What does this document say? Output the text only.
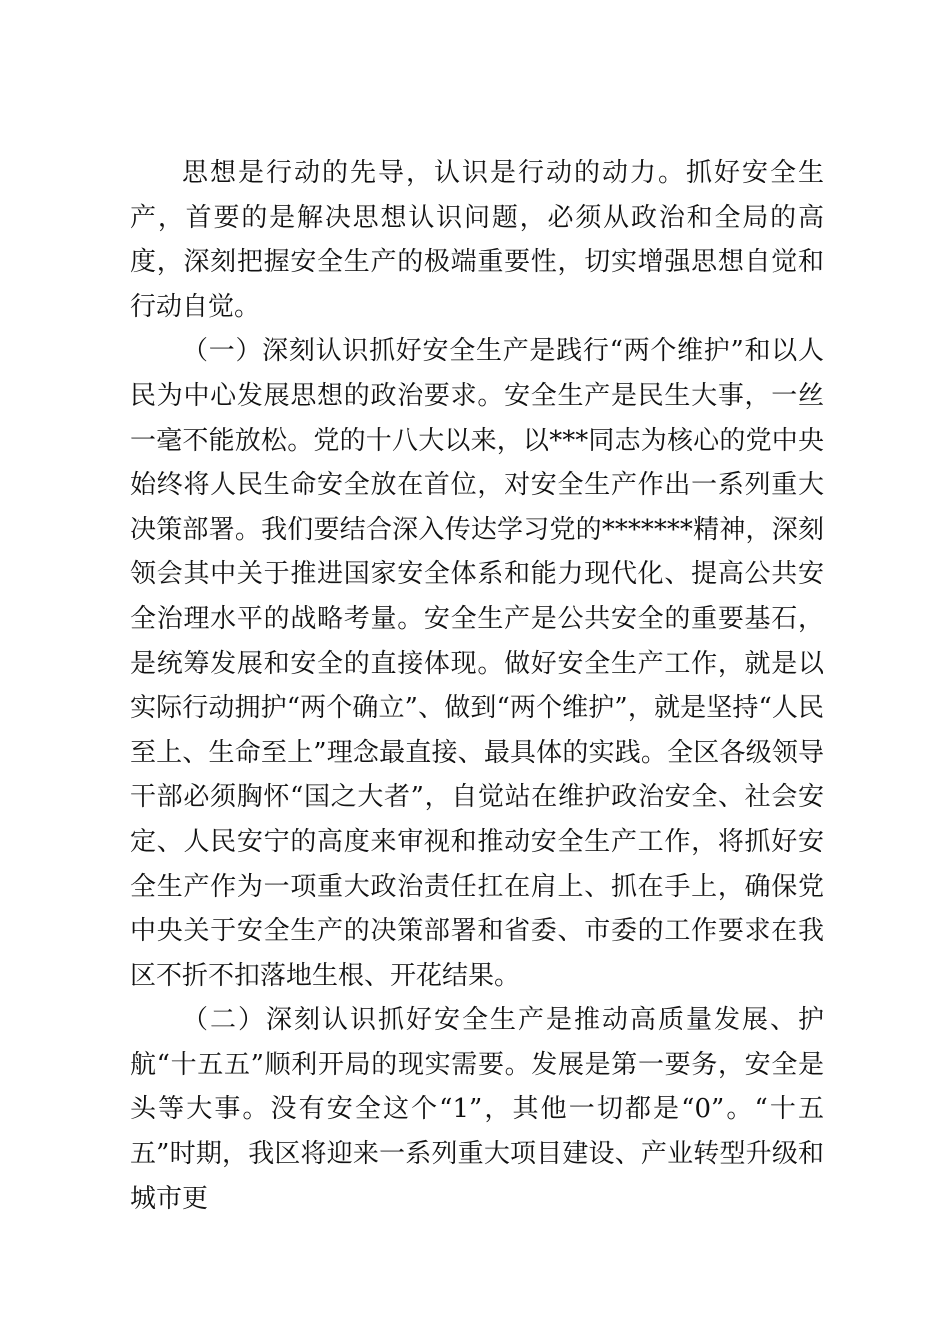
思想是行动的先导，认识是行动的动力。抓好安全生产，首要的是解决思想认识问题，必须从政治和全局的高度，深刻把握安全生产的极端重要性，切实增强思想自觉和行动自觉。

（一）深刻认识抓好安全生产是践行“两个维护”和以人民为中心发展思想的政治要求。安全生产是民生大事，一丝一毫不能放松。党的十八大以来，以***同志为核心的党中央始终将人民生命安全放在首位，对安全生产作出一系列重大决策部署。我们要结合深入传达学习党的*******精神，深刻领会其中关于推进国家安全体系和能力现代化、提高公共安全治理水平的战略考量。安全生产是公共安全的重要基石，是统筹发展和安全的直接体现。做好安全生产工作，就是以实际行动拥护“两个确立”、做到“两个维护”，就是坚持“人民至上、生命至上”理念最直接、最具体的实践。全区各级领导干部必须胸怀“国之大者”，自觉站在维护政治安全、社会安定、人民安宁的高度来审视和推动安全生产工作，将抓好安全生产作为一项重大政治责任扛在肩上、抓在手上，确保党中央关于安全生产的决策部署和省委、市委的工作要求在我区不折不扣落地生根、开花结果。

（二）深刻认识抓好安全生产是推动高质量发展、护航“十五五”顺利开局的现实需要。发展是第一要务，安全是头等大事。没有安全这个“1”，其他一切都是“0”。“十五五”时期，我区将迎来一系列重大项目建设、产业转型升级和城市更
